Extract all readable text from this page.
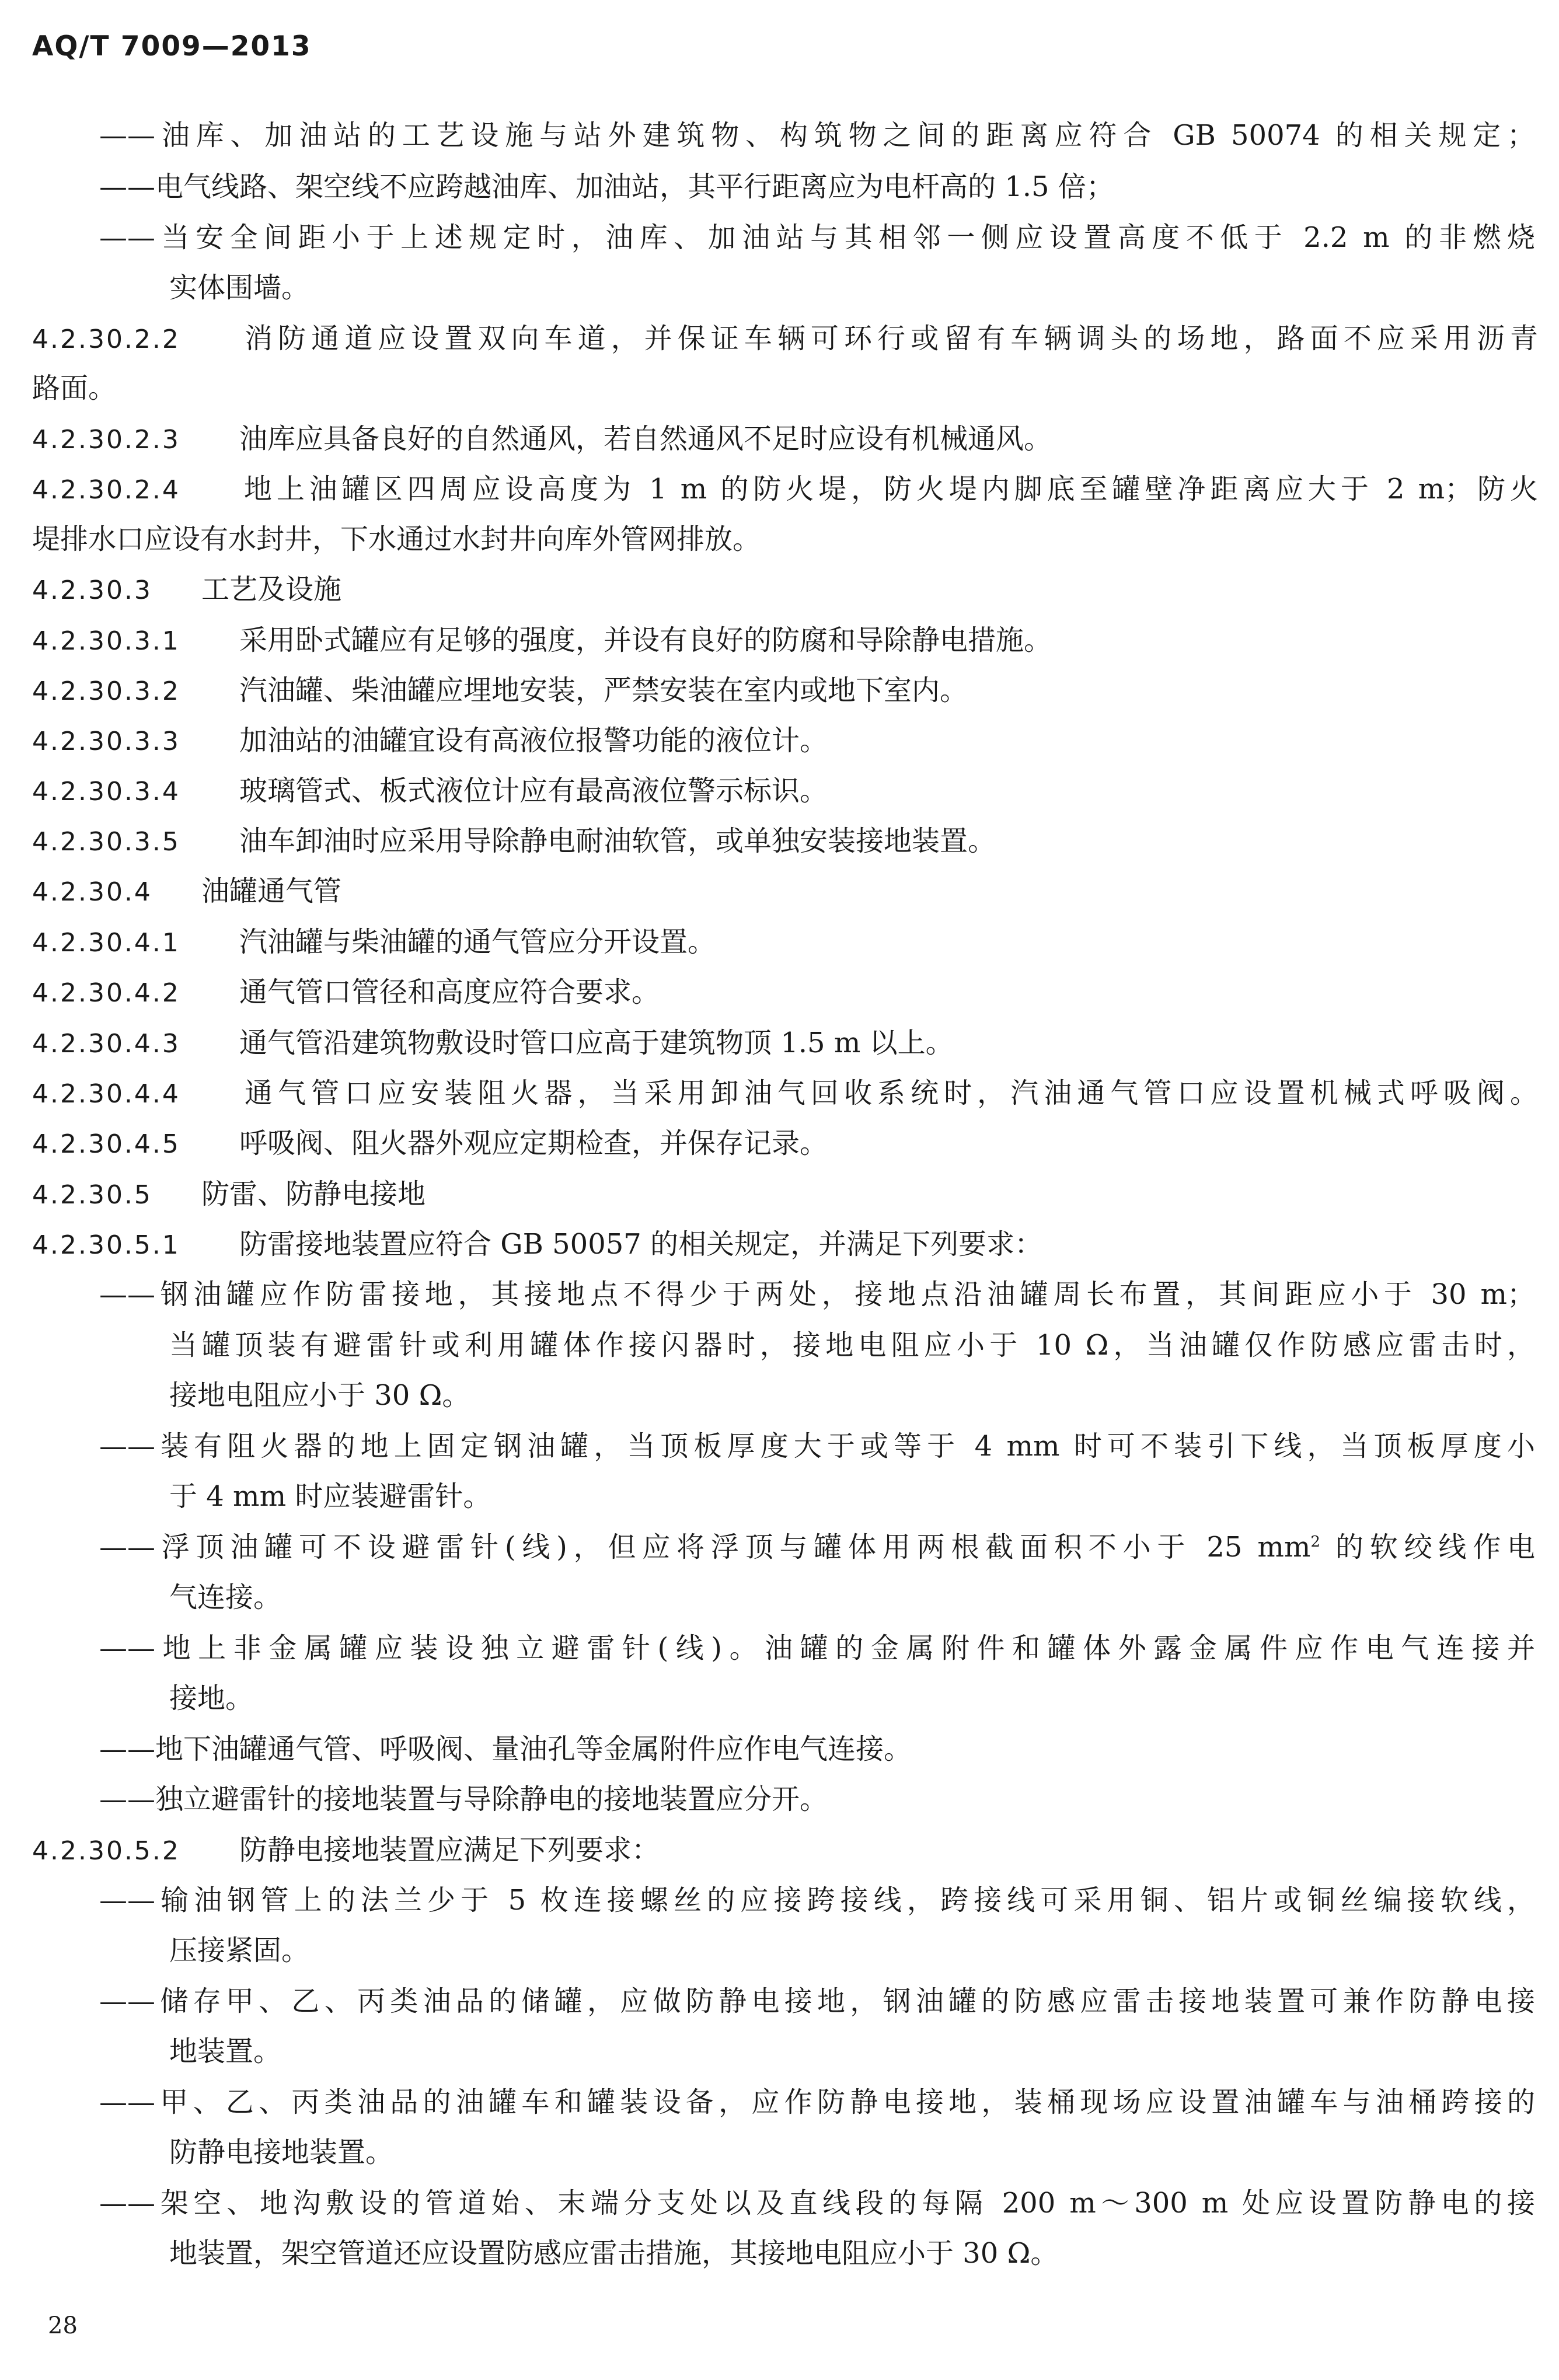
AQ/T 7009—2013
——油库、加油站的工艺设施与站外建筑物、构筑物之间的距离应符合 GB 50074 的相关规定；
——电气线路、架空线不应跨越油库、加油站，其平行距离应为电杆高的 1.5 倍；
——当安全间距小于上述规定时，油库、加油站与其相邻一侧应设置高度不低于 2.2 m 的非燃烧
实体围墙。
4.2.30.2.2 消防通道应设置双向车道，并保证车辆可环行或留有车辆调头的场地，路面不应采用沥青
路面。
4.2.30.2.3 油库应具备良好的自然通风，若自然通风不足时应设有机械通风。
4.2.30.2.4 地上油罐区四周应设高度为 1 m 的防火堤，防火堤内脚底至罐壁净距离应大于 2 m；防火
堤排水口应设有水封井，下水通过水封井向库外管网排放。
4.2.30.3 工艺及设施
4.2.30.3.1 采用卧式罐应有足够的强度，并设有良好的防腐和导除静电措施。
4.2.30.3.2 汽油罐、柴油罐应埋地安装，严禁安装在室内或地下室内。
4.2.30.3.3 加油站的油罐宜设有高液位报警功能的液位计。
4.2.30.3.4 玻璃管式、板式液位计应有最高液位警示标识。
4.2.30.3.5 油车卸油时应采用导除静电耐油软管，或单独安装接地装置。
4.2.30.4 油罐通气管
4.2.30.4.1 汽油罐与柴油罐的通气管应分开设置。
4.2.30.4.2 通气管口管径和高度应符合要求。
4.2.30.4.3 通气管沿建筑物敷设时管口应高于建筑物顶 1.5 m 以上。
4.2.30.4.4 通气管口应安装阻火器，当采用卸油气回收系统时，汽油通气管口应设置机械式呼吸阀。
4.2.30.4.5 呼吸阀、阻火器外观应定期检查，并保存记录。
4.2.30.5 防雷、防静电接地
4.2.30.5.1 防雷接地装置应符合 GB 50057 的相关规定，并满足下列要求：
——钢油罐应作防雷接地，其接地点不得少于两处，接地点沿油罐周长布置，其间距应小于 30 m；
当罐顶装有避雷针或利用罐体作接闪器时，接地电阻应小于 10 Ω，当油罐仅作防感应雷击时，
接地电阻应小于 30 Ω。
——装有阻火器的地上固定钢油罐，当顶板厚度大于或等于 4 mm 时可不装引下线，当顶板厚度小
于 4 mm 时应装避雷针。
——浮顶油罐可不设避雷针(线)，但应将浮顶与罐体用两根截面积不小于 25 $mm^2$ 的软绞线作电
气连接。
——地上非金属罐应装设独立避雷针(线)。油罐的金属附件和罐体外露金属件应作电气连接并
接地。
——地下油罐通气管、呼吸阀、量油孔等金属附件应作电气连接。
——独立避雷针的接地装置与导除静电的接地装置应分开。
4.2.30.5.2 防静电接地装置应满足下列要求：
——输油钢管上的法兰少于 5 枚连接螺丝的应接跨接线，跨接线可采用铜、铝片或铜丝编接软线，
压接紧固。
——储存甲、乙、丙类油品的储罐，应做防静电接地，钢油罐的防感应雷击接地装置可兼作防静电接
地装置。
——甲、乙、丙类油品的油罐车和罐装设备，应作防静电接地，装桶现场应设置油罐车与油桶跨接的
防静电接地装置。
——架空、地沟敷设的管道始、末端分支处以及直线段的每隔 200 m～300 m 处应设置防静电的接
地装置，架空管道还应设置防感应雷击措施，其接地电阻应小于 30 Ω。
28
